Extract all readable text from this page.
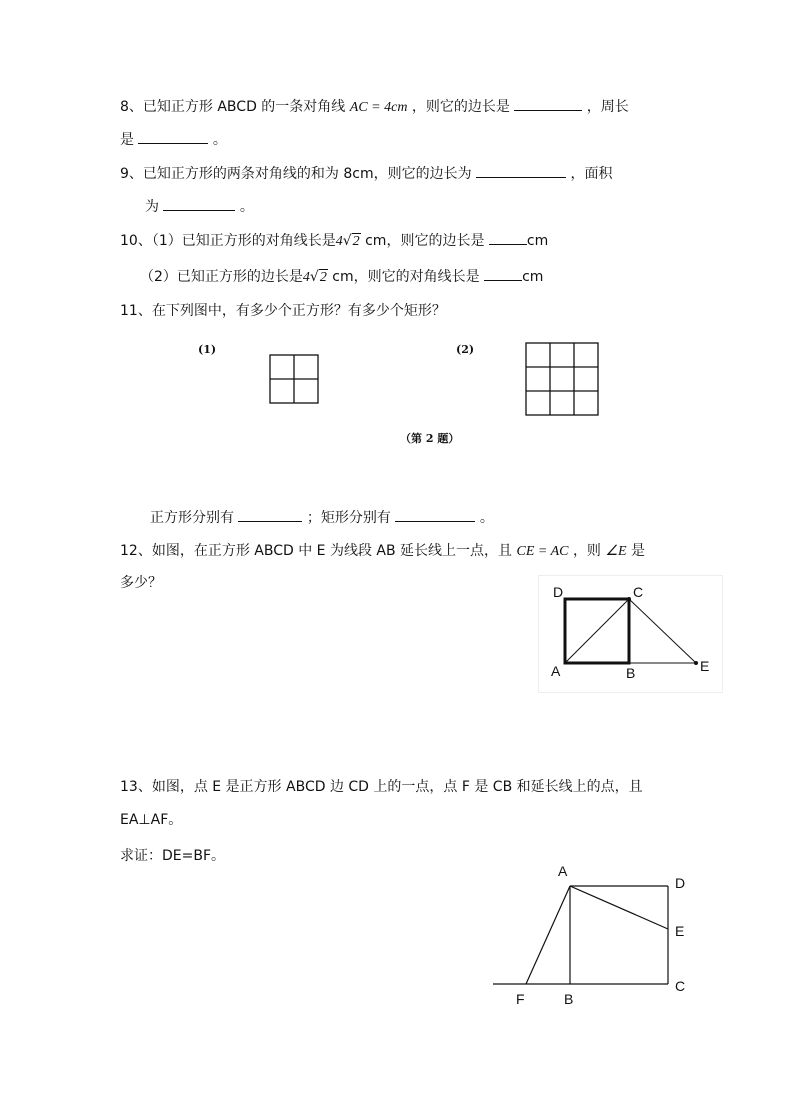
8、已知正方形 ABCD 的一条对角线 AC = 4cm ，则它的边长是	，周长
是	。
9、已知正方形的两条对角线的和为 8cm，则它的边长为	，面积
为	。
10、（1）已知正方形的对角线长是4√2 cm，则它的边长是	cm
（2）已知正方形的边长是4√2 cm，则它的对角线长是	cm
11、在下列图中，有多少个正方形？有多少个矩形？
(1)	(2)
（第 2 题）
正方形分别有	；矩形分别有	。
12、如图，在正方形 ABCD 中 E 为线段 AB 延长线上一点，且 CE = AC ，则 ∠E 是
多少？
D	C
A	B	E
13、如图，点 E 是正方形 ABCD 边 CD 上的一点，点 F 是 CB 和延长线上的点，且
EA⊥AF。
求证：DE=BF。
A
D
E
C
F	B
